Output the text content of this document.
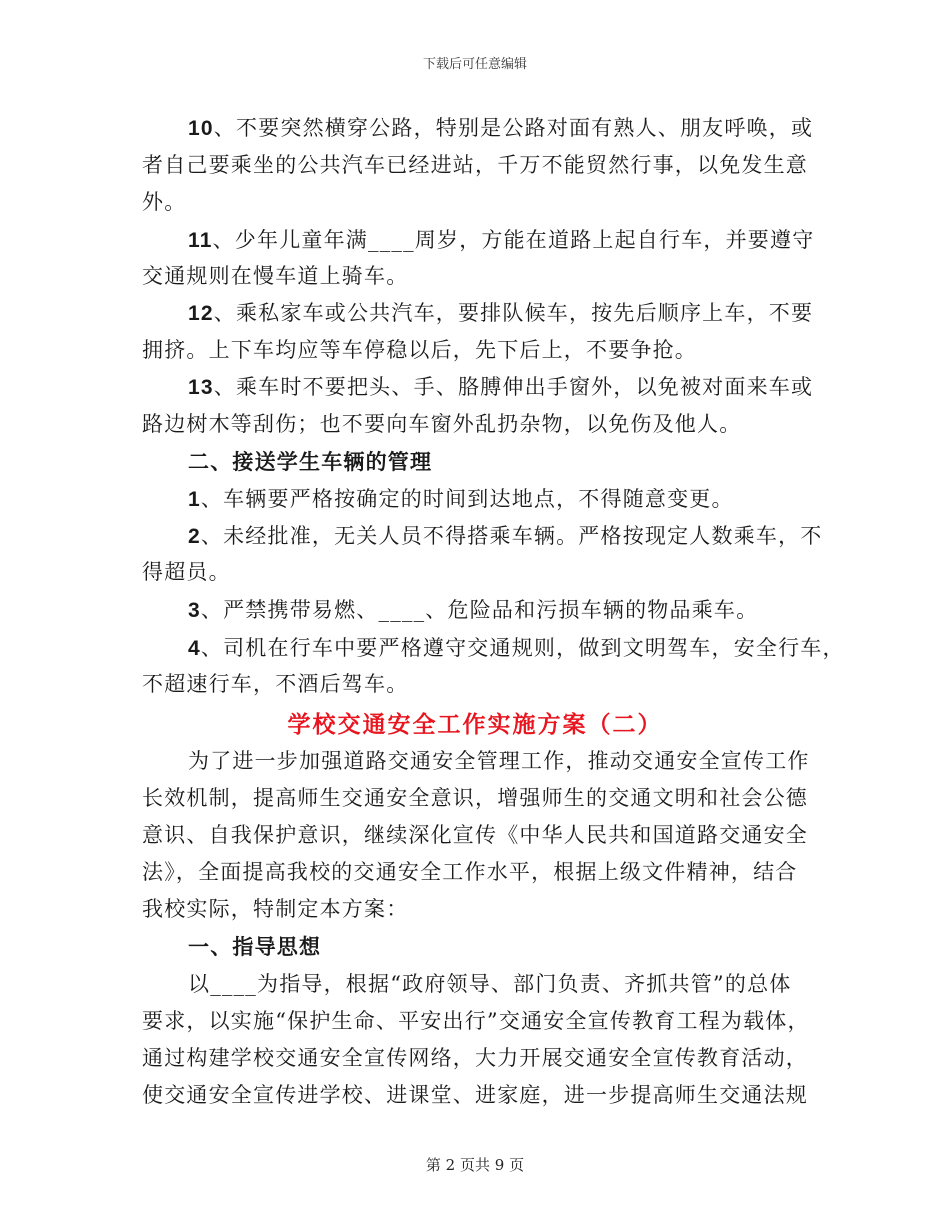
下载后可任意编辑
10、不要突然横穿公路，特别是公路对面有熟人、朋友呼唤，或
者自己要乘坐的公共汽车已经进站，千万不能贸然行事，以免发生意
外。
11、少年儿童年满____周岁，方能在道路上起自行车，并要遵守
交通规则在慢车道上骑车。
12、乘私家车或公共汽车，要排队候车，按先后顺序上车，不要
拥挤。上下车均应等车停稳以后，先下后上，不要争抢。
13、乘车时不要把头、手、胳膊伸出手窗外，以免被对面来车或
路边树木等刮伤；也不要向车窗外乱扔杂物，以免伤及他人。
二、接送学生车辆的管理
1、车辆要严格按确定的时间到达地点，不得随意变更。
2、未经批准，无关人员不得搭乘车辆。严格按现定人数乘车，不
得超员。
3、严禁携带易燃、____、危险品和污损车辆的物品乘车。
4、司机在行车中要严格遵守交通规则，做到文明驾车，安全行车，
不超速行车，不酒后驾车。
学校交通安全工作实施方案（二）
为了进一步加强道路交通安全管理工作，推动交通安全宣传工作
长效机制，提高师生交通安全意识，增强师生的交通文明和社会公德
意识、自我保护意识，继续深化宣传《中华人民共和国道路交通安全
法》，全面提高我校的交通安全工作水平，根据上级文件精神，结合
我校实际，特制定本方案：
一、指导思想
以____为指导，根据“政府领导、部门负责、齐抓共管”的总体
要求，以实施“保护生命、平安出行”交通安全宣传教育工程为载体，
通过构建学校交通安全宣传网络，大力开展交通安全宣传教育活动，
使交通安全宣传进学校、进课堂、进家庭，进一步提高师生交通法规
第 2 页共 9 页
